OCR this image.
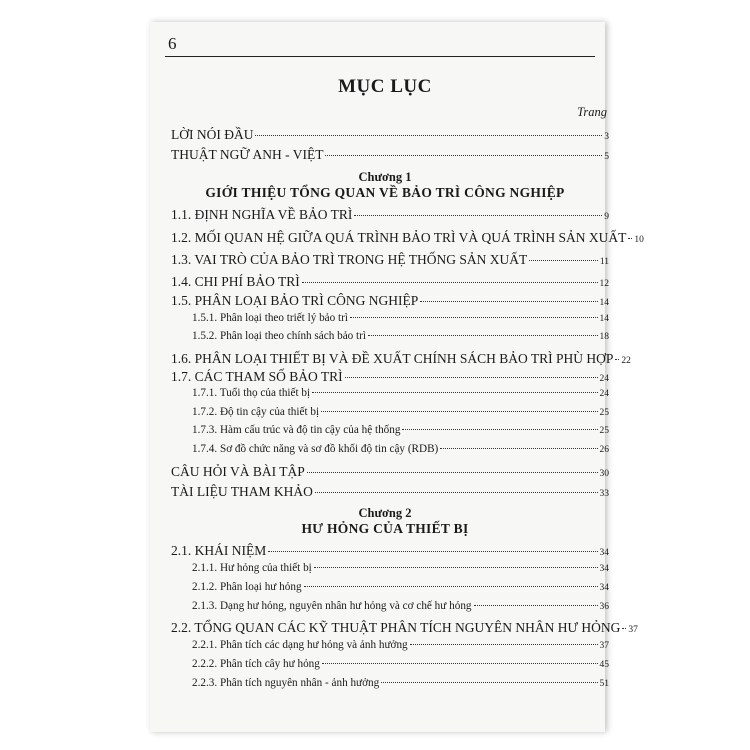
6
MỤC LỤC
Trang
Chương 1
GIỚI THIỆU TỔNG QUAN VỀ BẢO TRÌ CÔNG NGHIỆP
Chương 2
HƯ HỎNG CỦA THIẾT BỊ
LỜI NÓI ĐẦU	3
THUẬT NGỮ ANH - VIỆT	5
1.1. ĐỊNH NGHĨA VỀ BẢO TRÌ	9
1.2. MỐI QUAN HỆ GIỮA QUÁ TRÌNH BẢO TRÌ VÀ QUÁ TRÌNH SẢN XUẤT 10
1.3. VAI TRÒ CỦA BẢO TRÌ TRONG HỆ THỐNG SẢN XUẤT	11
1.4. CHI PHÍ BẢO TRÌ	12
1.5. PHÂN LOẠI BẢO TRÌ CÔNG NGHIỆP	14
1.5.1. Phân loại theo triết lý bảo trì	14
1.5.2. Phân loại theo chính sách bảo trì	18
1.6. PHÂN LOẠI THIẾT BỊ VÀ ĐỀ XUẤT CHÍNH SÁCH BẢO TRÌ PHÙ HỢP 22
1.7. CÁC THAM SỐ BẢO TRÌ	24
1.7.1. Tuổi thọ của thiết bị	24
1.7.2. Độ tin cậy của thiết bị	25
1.7.3. Hàm cấu trúc và độ tin cậy của hệ thống	25
1.7.4. Sơ đồ chức năng và sơ đồ khối độ tin cậy (RDB)	26
CÂU HỎI VÀ BÀI TẬP	30
TÀI LIỆU THAM KHẢO	33
2.1. KHÁI NIỆM	34
2.1.1. Hư hỏng của thiết bị	34
2.1.2. Phân loại hư hỏng	34
2.1.3. Dạng hư hỏng, nguyên nhân hư hỏng và cơ chế hư hỏng	36
2.2. TỔNG QUAN CÁC KỸ THUẬT PHÂN TÍCH NGUYÊN NHÂN HƯ HỎNG 37
2.2.1. Phân tích các dạng hư hỏng và ảnh hưởng	37
2.2.2. Phân tích cây hư hỏng	45
2.2.3. Phân tích nguyên nhân - ảnh hưởng	51
